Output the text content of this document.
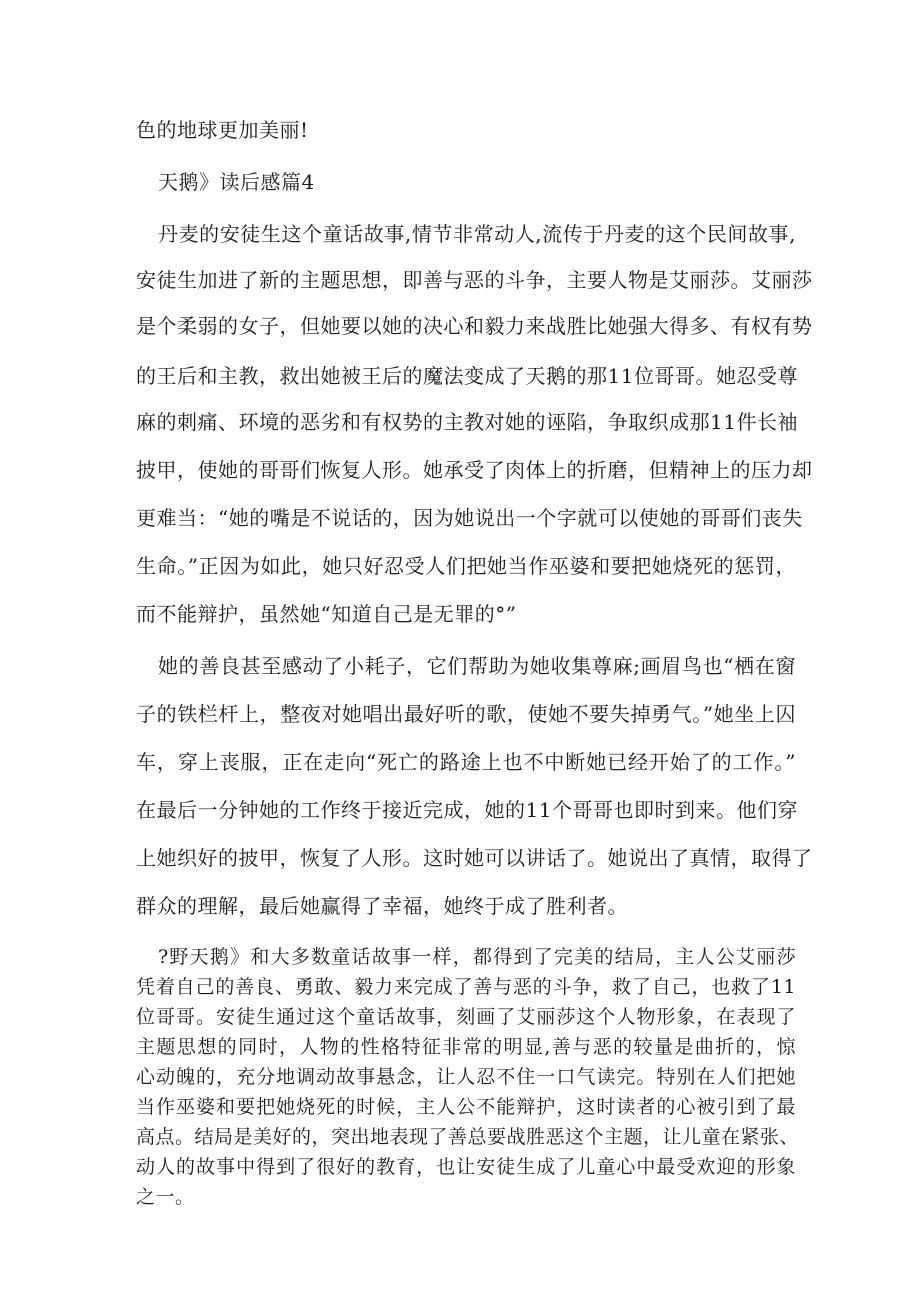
色的地球更加美丽!
天鹅》读后感篇4
丹麦的安徒生这个童话故事,情节非常动人,流传于丹麦的这个民间故事,
安徒生加进了新的主题思想，即善与恶的斗争，主要人物是艾丽莎。艾丽莎
是个柔弱的女子，但她要以她的决心和毅力来战胜比她强大得多、有权有势
的王后和主教，救出她被王后的魔法变成了天鹅的那11位哥哥。她忍受尊
麻的刺痛、环境的恶劣和有权势的主教对她的诬陷，争取织成那11件长袖
披甲，使她的哥哥们恢复人形。她承受了肉体上的折磨，但精神上的压力却
更难当：“她的嘴是不说话的，因为她说出一个字就可以使她的哥哥们丧失
生命。”正因为如此，她只好忍受人们把她当作巫婆和要把她烧死的惩罚，
而不能辩护，虽然她“知道自己是无罪的°”
她的善良甚至感动了小耗子，它们帮助为她收集尊麻;画眉鸟也“栖在窗
子的铁栏杆上，整夜对她唱出最好听的歌，使她不要失掉勇气。”她坐上囚
车，穿上丧服，正在走向“死亡的路途上也不中断她已经开始了的工作。”
在最后一分钟她的工作终于接近完成，她的11个哥哥也即时到来。他们穿
上她织好的披甲，恢复了人形。这时她可以讲话了。她说出了真情，取得了
群众的理解，最后她赢得了幸福，她终于成了胜利者。
?野天鹅》和大多数童话故事一样，都得到了完美的结局，主人公艾丽莎
凭着自己的善良、勇敢、毅力来完成了善与恶的斗争，救了自己，也救了11
位哥哥。安徒生通过这个童话故事，刻画了艾丽莎这个人物形象，在表现了
主题思想的同时，人物的性格特征非常的明显,善与恶的较量是曲折的，惊
心动魄的，充分地调动故事悬念，让人忍不住一口气读完。特别在人们把她
当作巫婆和要把她烧死的时候，主人公不能辩护，这时读者的心被引到了最
高点。结局是美好的，突出地表现了善总要战胜恶这个主题，让儿童在紧张、
动人的故事中得到了很好的教育，也让安徒生成了儿童心中最受欢迎的形象
之一。
